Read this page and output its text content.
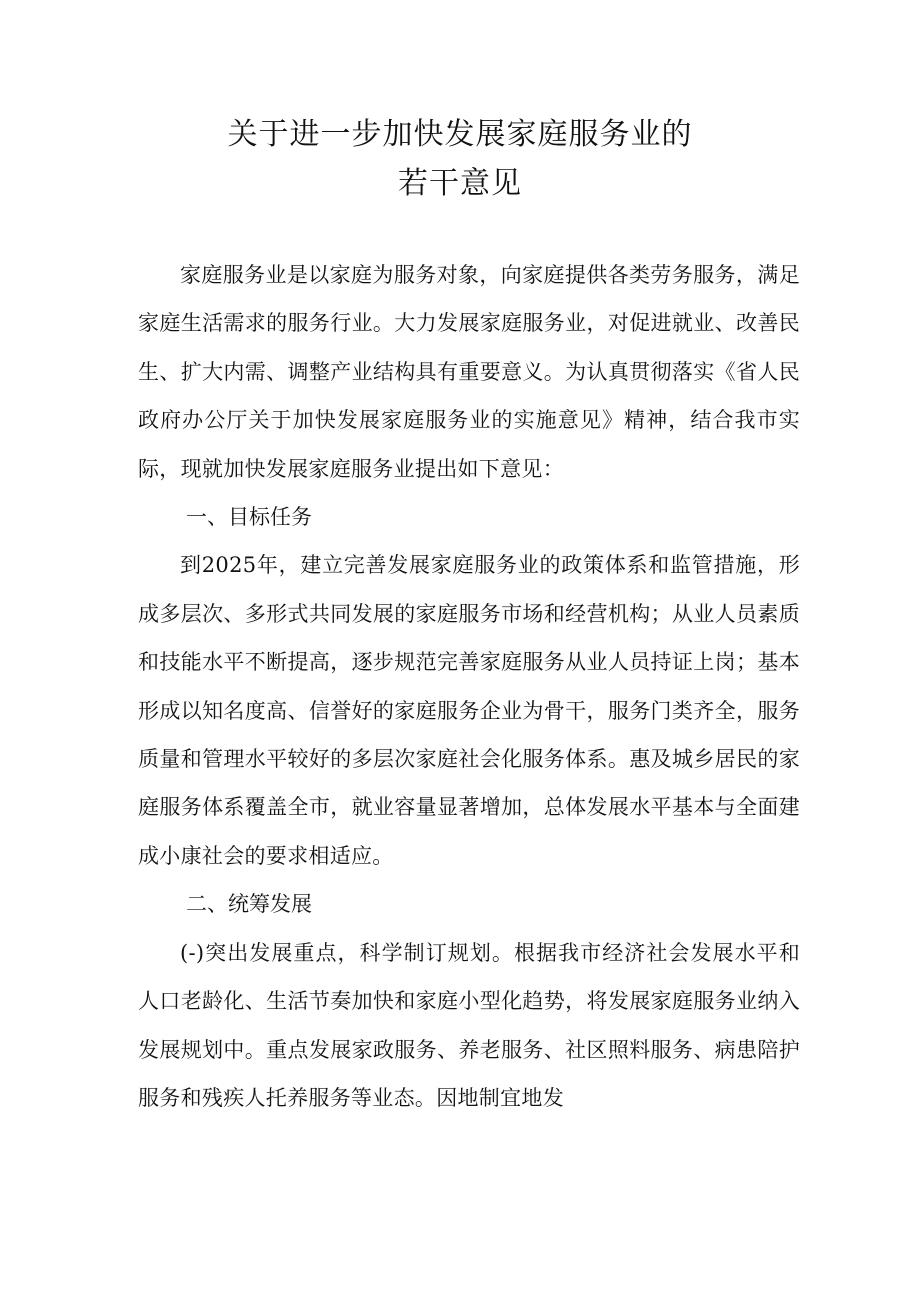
关于进一步加快发展家庭服务业的
若干意见

家庭服务业是以家庭为服务对象，向家庭提供各类劳务服务，满足家庭生活需求的服务行业。大力发展家庭服务业，对促进就业、改善民生、扩大内需、调整产业结构具有重要意义。为认真贯彻落实《省人民政府办公厅关于加快发展家庭服务业的实施意见》精神，结合我市实际，现就加快发展家庭服务业提出如下意见：

一、目标任务

到2025年，建立完善发展家庭服务业的政策体系和监管措施，形成多层次、多形式共同发展的家庭服务市场和经营机构；从业人员素质和技能水平不断提高，逐步规范完善家庭服务从业人员持证上岗；基本形成以知名度高、信誉好的家庭服务企业为骨干，服务门类齐全，服务质量和管理水平较好的多层次家庭社会化服务体系。惠及城乡居民的家庭服务体系覆盖全市，就业容量显著增加，总体发展水平基本与全面建成小康社会的要求相适应。

二、统筹发展

(-)突出发展重点，科学制订规划。根据我市经济社会发展水平和人口老龄化、生活节奏加快和家庭小型化趋势，将发展家庭服务业纳入发展规划中。重点发展家政服务、养老服务、社区照料服务、病患陪护服务和残疾人托养服务等业态。因地制宜地发
